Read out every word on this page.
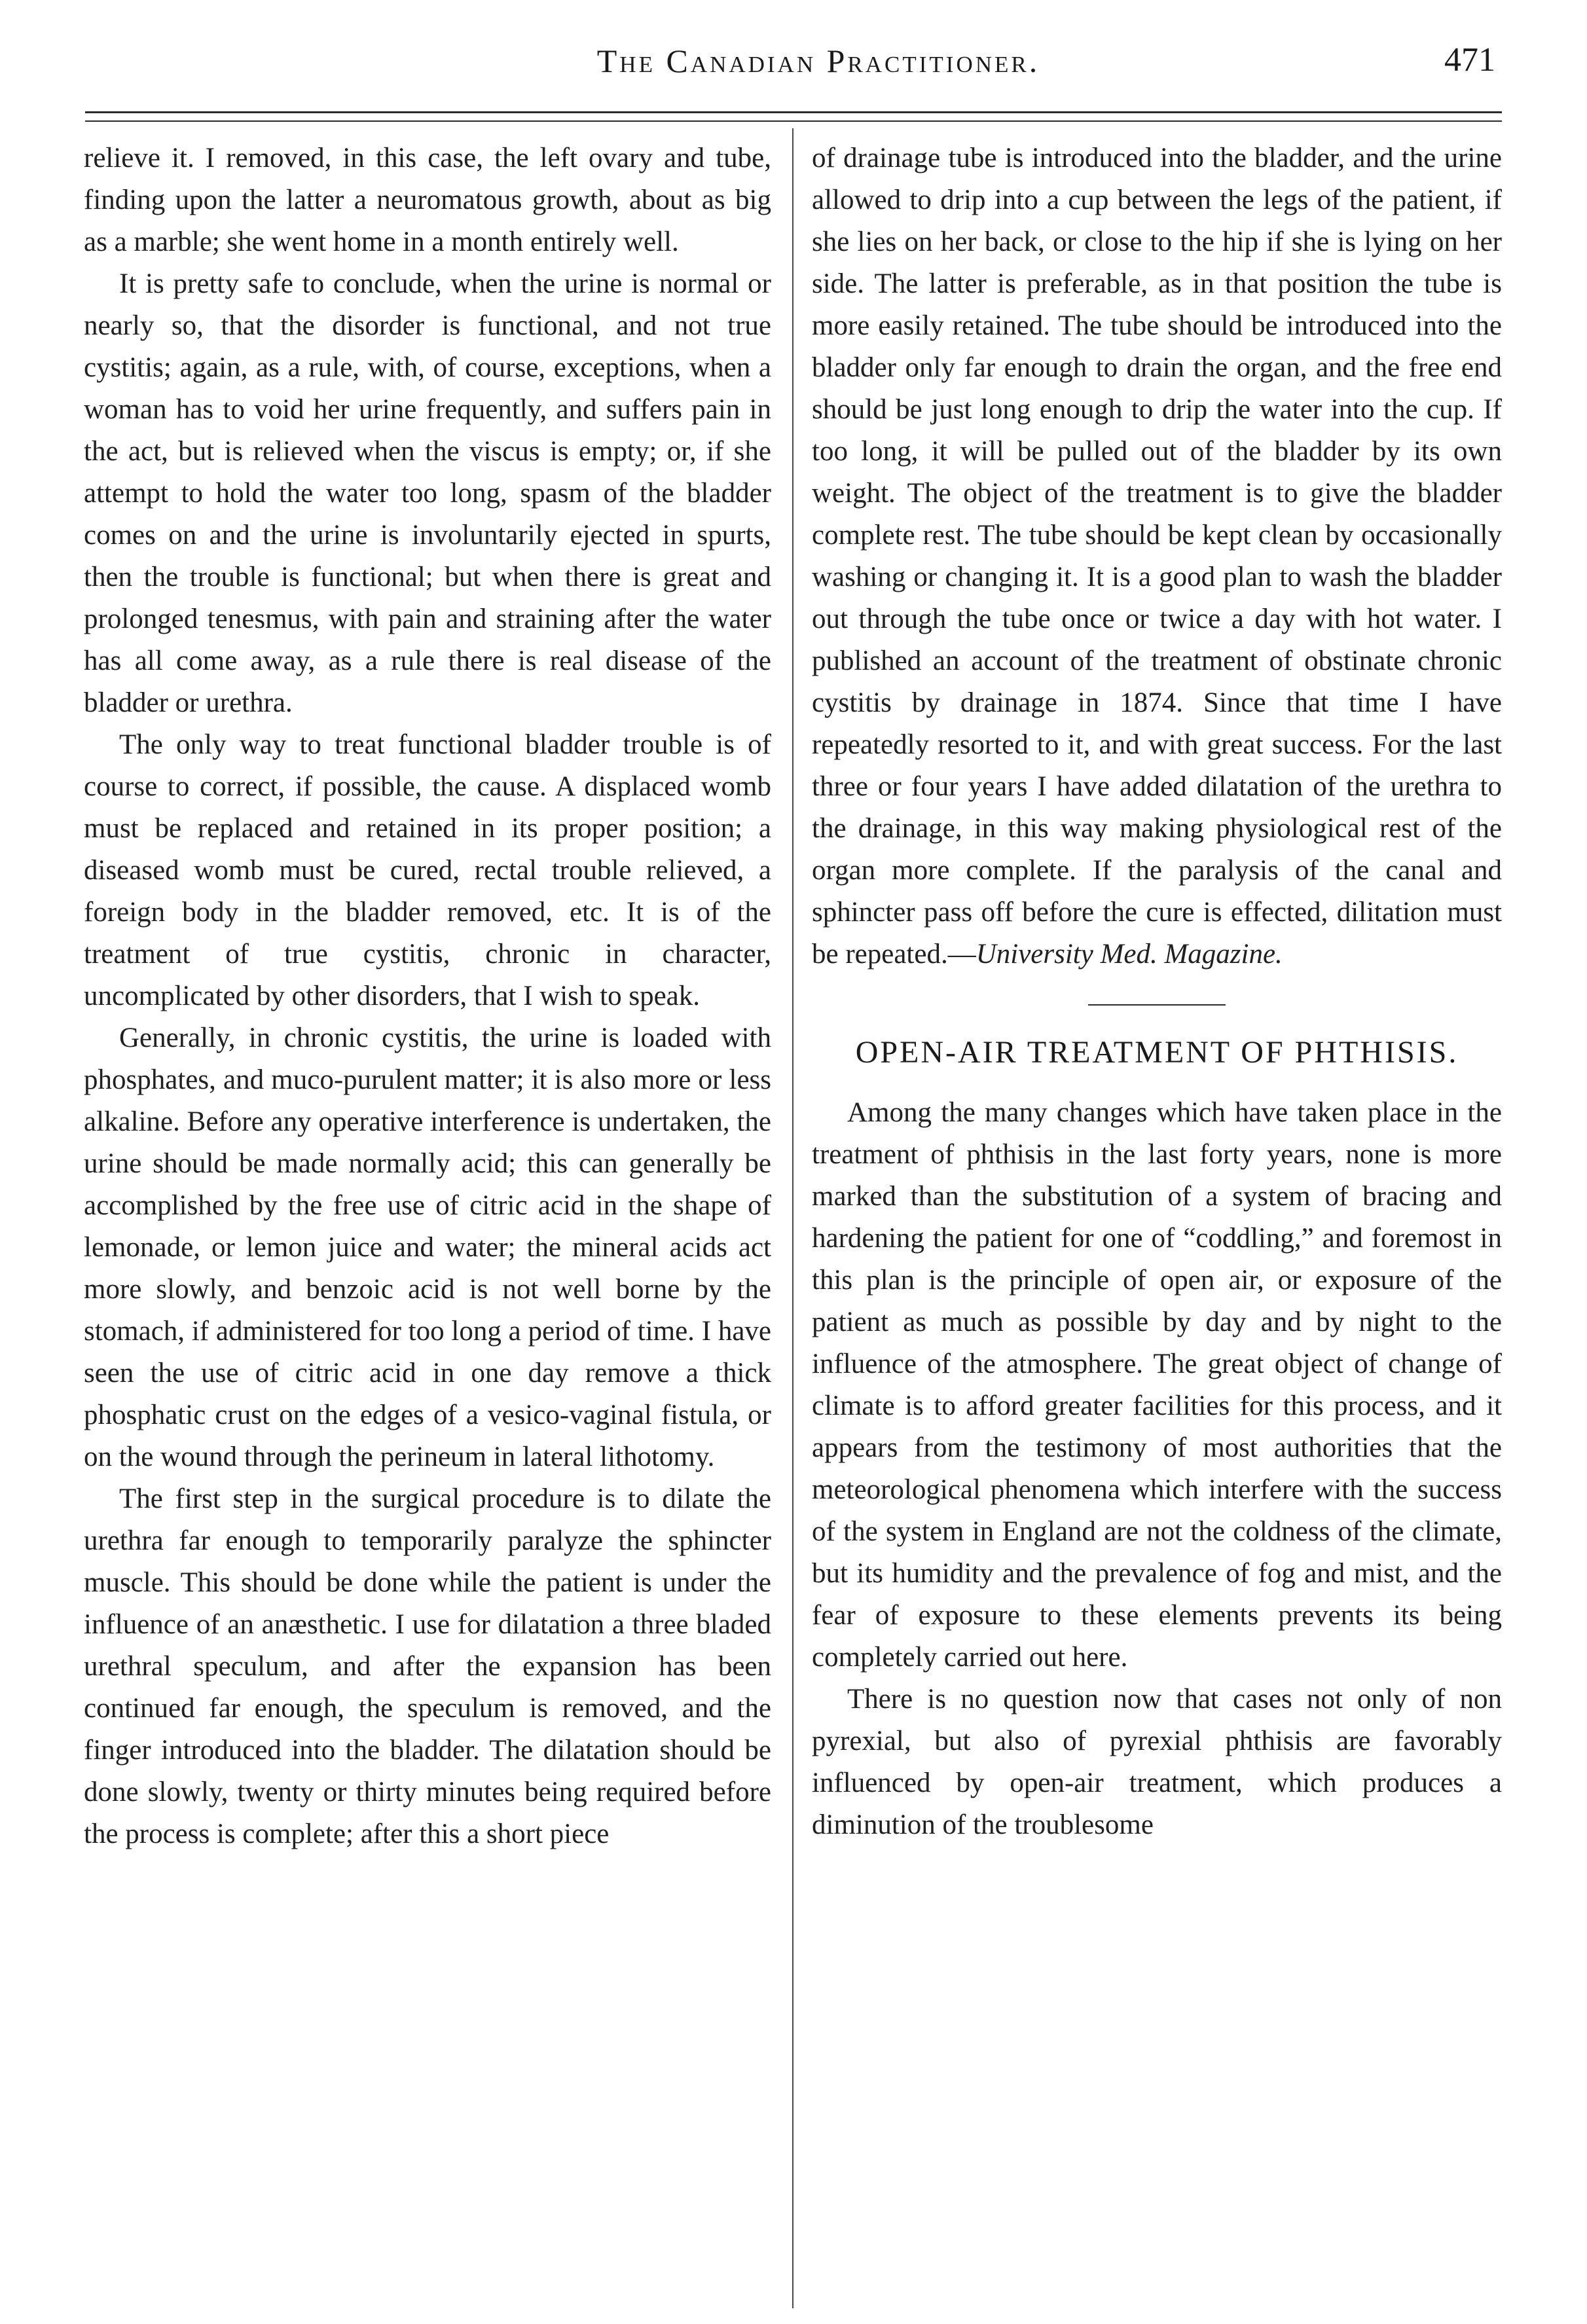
The Canadian Practitioner.	471

relieve it. I removed, in this case, the left ovary and tube, finding upon the latter a neuromatous growth, about as big as a marble; she went home in a month entirely well.

It is pretty safe to conclude, when the urine is normal or nearly so, that the disorder is functional, and not true cystitis; again, as a rule, with, of course, exceptions, when a woman has to void her urine frequently, and suffers pain in the act, but is relieved when the viscus is empty; or, if she attempt to hold the water too long, spasm of the bladder comes on and the urine is involuntarily ejected in spurts, then the trouble is functional; but when there is great and prolonged tenesmus, with pain and straining after the water has all come away, as a rule there is real disease of the bladder or urethra.

The only way to treat functional bladder trouble is of course to correct, if possible, the cause. A displaced womb must be replaced and retained in its proper position; a diseased womb must be cured, rectal trouble relieved, a foreign body in the bladder removed, etc. It is of the treatment of true cystitis, chronic in character, uncomplicated by other disorders, that I wish to speak.

Generally, in chronic cystitis, the urine is loaded with phosphates, and muco-purulent matter; it is also more or less alkaline. Before any operative interference is undertaken, the urine should be made normally acid; this can generally be accomplished by the free use of citric acid in the shape of lemonade, or lemon juice and water; the mineral acids act more slowly, and benzoic acid is not well borne by the stomach, if administered for too long a period of time. I have seen the use of citric acid in one day remove a thick phosphatic crust on the edges of a vesico-vaginal fistula, or on the wound through the perineum in lateral lithotomy.

The first step in the surgical procedure is to dilate the urethra far enough to temporarily paralyze the sphincter muscle. This should be done while the patient is under the influence of an anæsthetic. I use for dilatation a three bladed urethral speculum, and after the expansion has been continued far enough, the speculum is removed, and the finger introduced into the bladder. The dilatation should be done slowly, twenty or thirty minutes being required before the process is complete; after this a short piece

of drainage tube is introduced into the bladder, and the urine allowed to drip into a cup between the legs of the patient, if she lies on her back, or close to the hip if she is lying on her side. The latter is preferable, as in that position the tube is more easily retained. The tube should be introduced into the bladder only far enough to drain the organ, and the free end should be just long enough to drip the water into the cup. If too long, it will be pulled out of the bladder by its own weight. The object of the treatment is to give the bladder complete rest. The tube should be kept clean by occasionally washing or changing it. It is a good plan to wash the bladder out through the tube once or twice a day with hot water. I published an account of the treatment of obstinate chronic cystitis by drainage in 1874. Since that time I have repeatedly resorted to it, and with great success. For the last three or four years I have added dilatation of the urethra to the drainage, in this way making physiological rest of the organ more complete. If the paralysis of the canal and sphincter pass off before the cure is effected, dilitation must be repeated.—University Med. Magazine.

OPEN-AIR TREATMENT OF PHTHISIS.

Among the many changes which have taken place in the treatment of phthisis in the last forty years, none is more marked than the substitution of a system of bracing and hardening the patient for one of “coddling,” and foremost in this plan is the principle of open air, or exposure of the patient as much as possible by day and by night to the influence of the atmosphere. The great object of change of climate is to afford greater facilities for this process, and it appears from the testimony of most authorities that the meteorological phenomena which interfere with the success of the system in England are not the coldness of the climate, but its humidity and the prevalence of fog and mist, and the fear of exposure to these elements prevents its being completely carried out here.

There is no question now that cases not only of non pyrexial, but also of pyrexial phthisis are favorably influenced by open-air treatment, which produces a diminution of the troublesome
